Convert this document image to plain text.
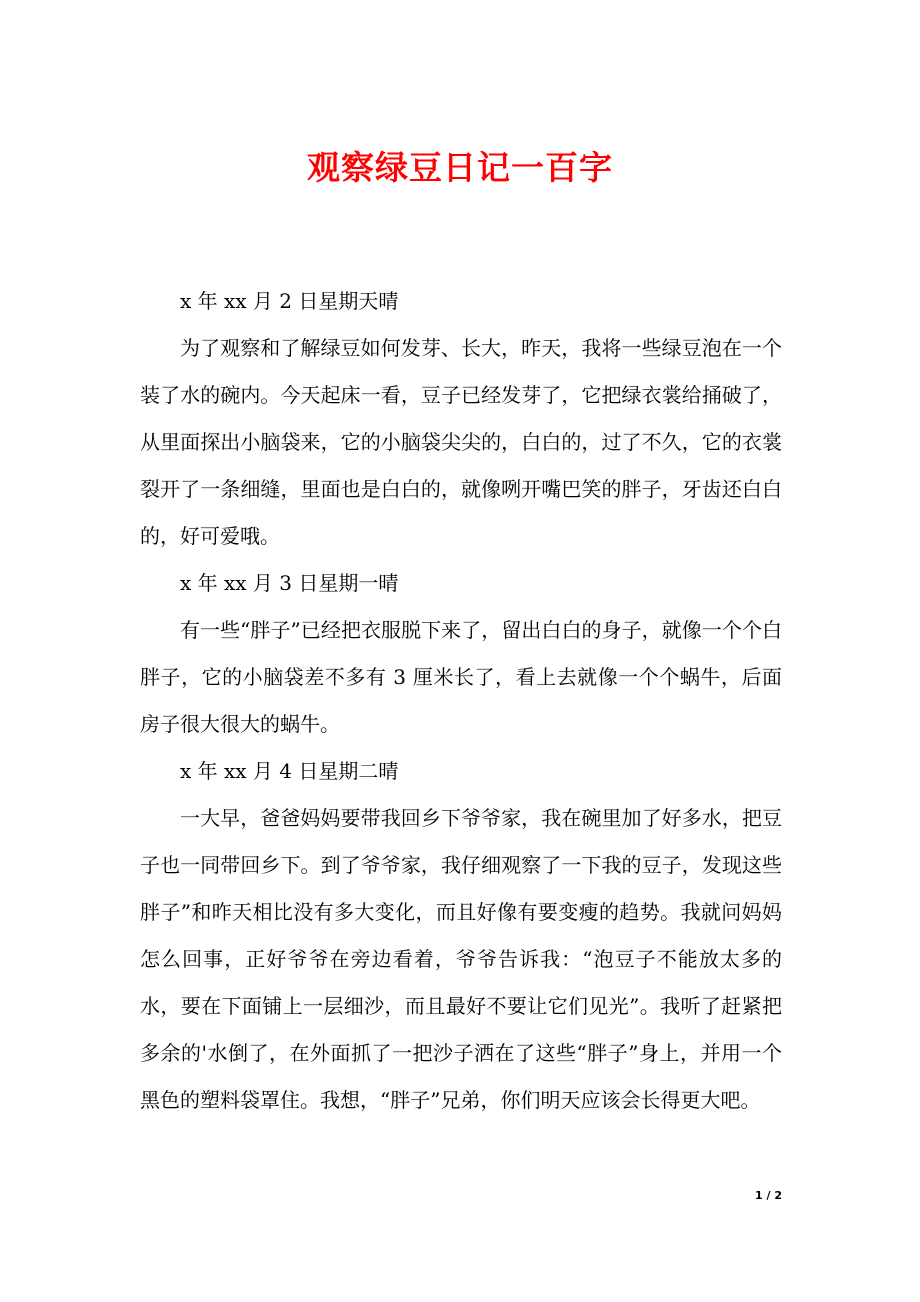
观察绿豆日记一百字

x 年 xx 月 2 日星期天晴

为了观察和了解绿豆如何发芽、长大，昨天，我将一些绿豆泡在一个装了水的碗内。今天起床一看，豆子已经发芽了，它把绿衣裳给捅破了，从里面探出小脑袋来，它的小脑袋尖尖的，白白的，过了不久，它的衣裳裂开了一条细缝，里面也是白白的，就像咧开嘴巴笑的胖子，牙齿还白白的，好可爱哦。

x 年 xx 月 3 日星期一晴

有一些“胖子”已经把衣服脱下来了，留出白白的身子，就像一个个白胖子，它的小脑袋差不多有 3 厘米长了，看上去就像一个个蜗牛，后面房子很大很大的蜗牛。

x 年 xx 月 4 日星期二晴

一大早，爸爸妈妈要带我回乡下爷爷家，我在碗里加了好多水，把豆子也一同带回乡下。到了爷爷家，我仔细观察了一下我的豆子，发现这些胖子”和昨天相比没有多大变化，而且好像有要变瘦的趋势。我就问妈妈怎么回事，正好爷爷在旁边看着，爷爷告诉我：“泡豆子不能放太多的水，要在下面铺上一层细沙，而且最好不要让它们见光”。我听了赶紧把多余的'水倒了，在外面抓了一把沙子洒在了这些“胖子”身上，并用一个黑色的塑料袋罩住。我想，“胖子”兄弟，你们明天应该会长得更大吧。

1 / 2
